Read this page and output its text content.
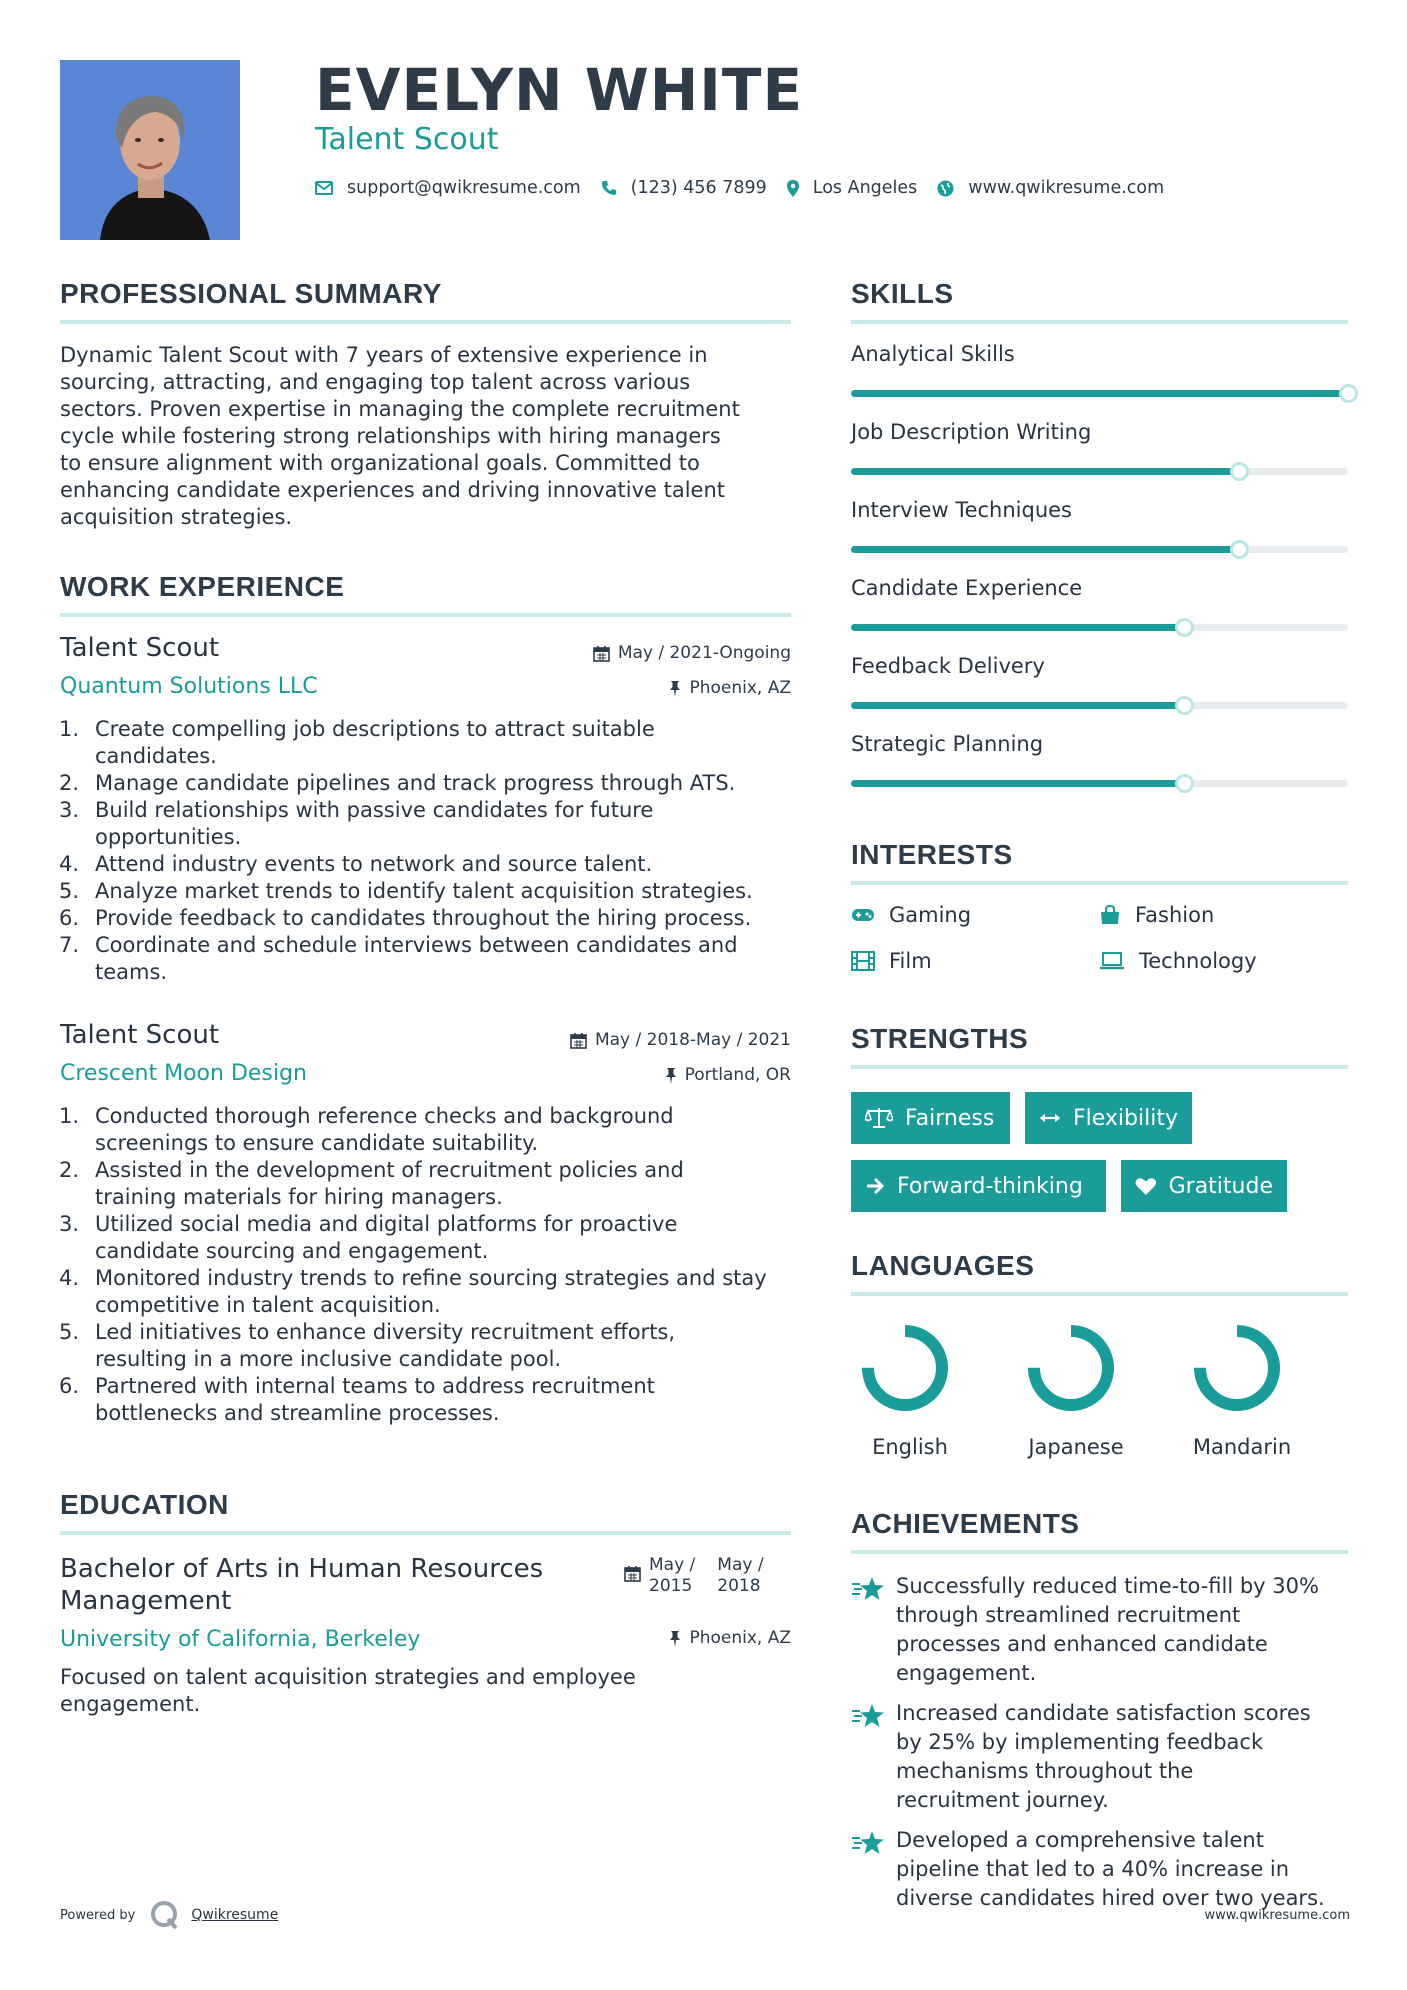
EVELYN WHITE
Talent Scout
support@qwikresume.com	(123) 456 7899	Los Angeles	www.qwikresume.com
PROFESSIONAL SUMMARY
Dynamic Talent Scout with 7 years of extensive experience in
sourcing, attracting, and engaging top talent across various
sectors. Proven expertise in managing the complete recruitment
cycle while fostering strong relationships with hiring managers
to ensure alignment with organizational goals. Committed to
enhancing candidate experiences and driving innovative talent
acquisition strategies.
WORK EXPERIENCE
Talent Scout	May / 2021-Ongoing
Quantum Solutions LLC	Phoenix, AZ
1. Create compelling job descriptions to attract suitable
candidates.
2. Manage candidate pipelines and track progress through ATS.
3. Build relationships with passive candidates for future
opportunities.
4. Attend industry events to network and source talent.
5. Analyze market trends to identify talent acquisition strategies.
6. Provide feedback to candidates throughout the hiring process.
7. Coordinate and schedule interviews between candidates and
teams.
Talent Scout	May / 2018-May / 2021
Crescent Moon Design	Portland, OR
1. Conducted thorough reference checks and background
screenings to ensure candidate suitability.
2. Assisted in the development of recruitment policies and
training materials for hiring managers.
3. Utilized social media and digital platforms for proactive
candidate sourcing and engagement.
4. Monitored industry trends to refine sourcing strategies and stay
competitive in talent acquisition.
5. Led initiatives to enhance diversity recruitment efforts,
resulting in a more inclusive candidate pool.
6. Partnered with internal teams to address recruitment
bottlenecks and streamline processes.
EDUCATION
Bachelor of Arts in Human Resources
Management
May /
2015
May /
2018
University of California, Berkeley	Phoenix, AZ
Focused on talent acquisition strategies and employee
engagement.
SKILLS
Analytical Skills
Job Description Writing
Interview Techniques
Candidate Experience
Feedback Delivery
Strategic Planning
INTERESTS
Gaming	Fashion
Film	Technology
STRENGTHS
Fairness	Flexibility
Forward-thinking	Gratitude
LANGUAGES
English	Japanese	Mandarin
ACHIEVEMENTS
Successfully reduced time-to-fill by 30%
through streamlined recruitment
processes and enhanced candidate
engagement.
Increased candidate satisfaction scores
by 25% by implementing feedback
mechanisms throughout the
recruitment journey.
Developed a comprehensive talent
pipeline that led to a 40% increase in
diverse candidates hired over two years.
Powered by	Qwikresume	www.qwikresume.com
